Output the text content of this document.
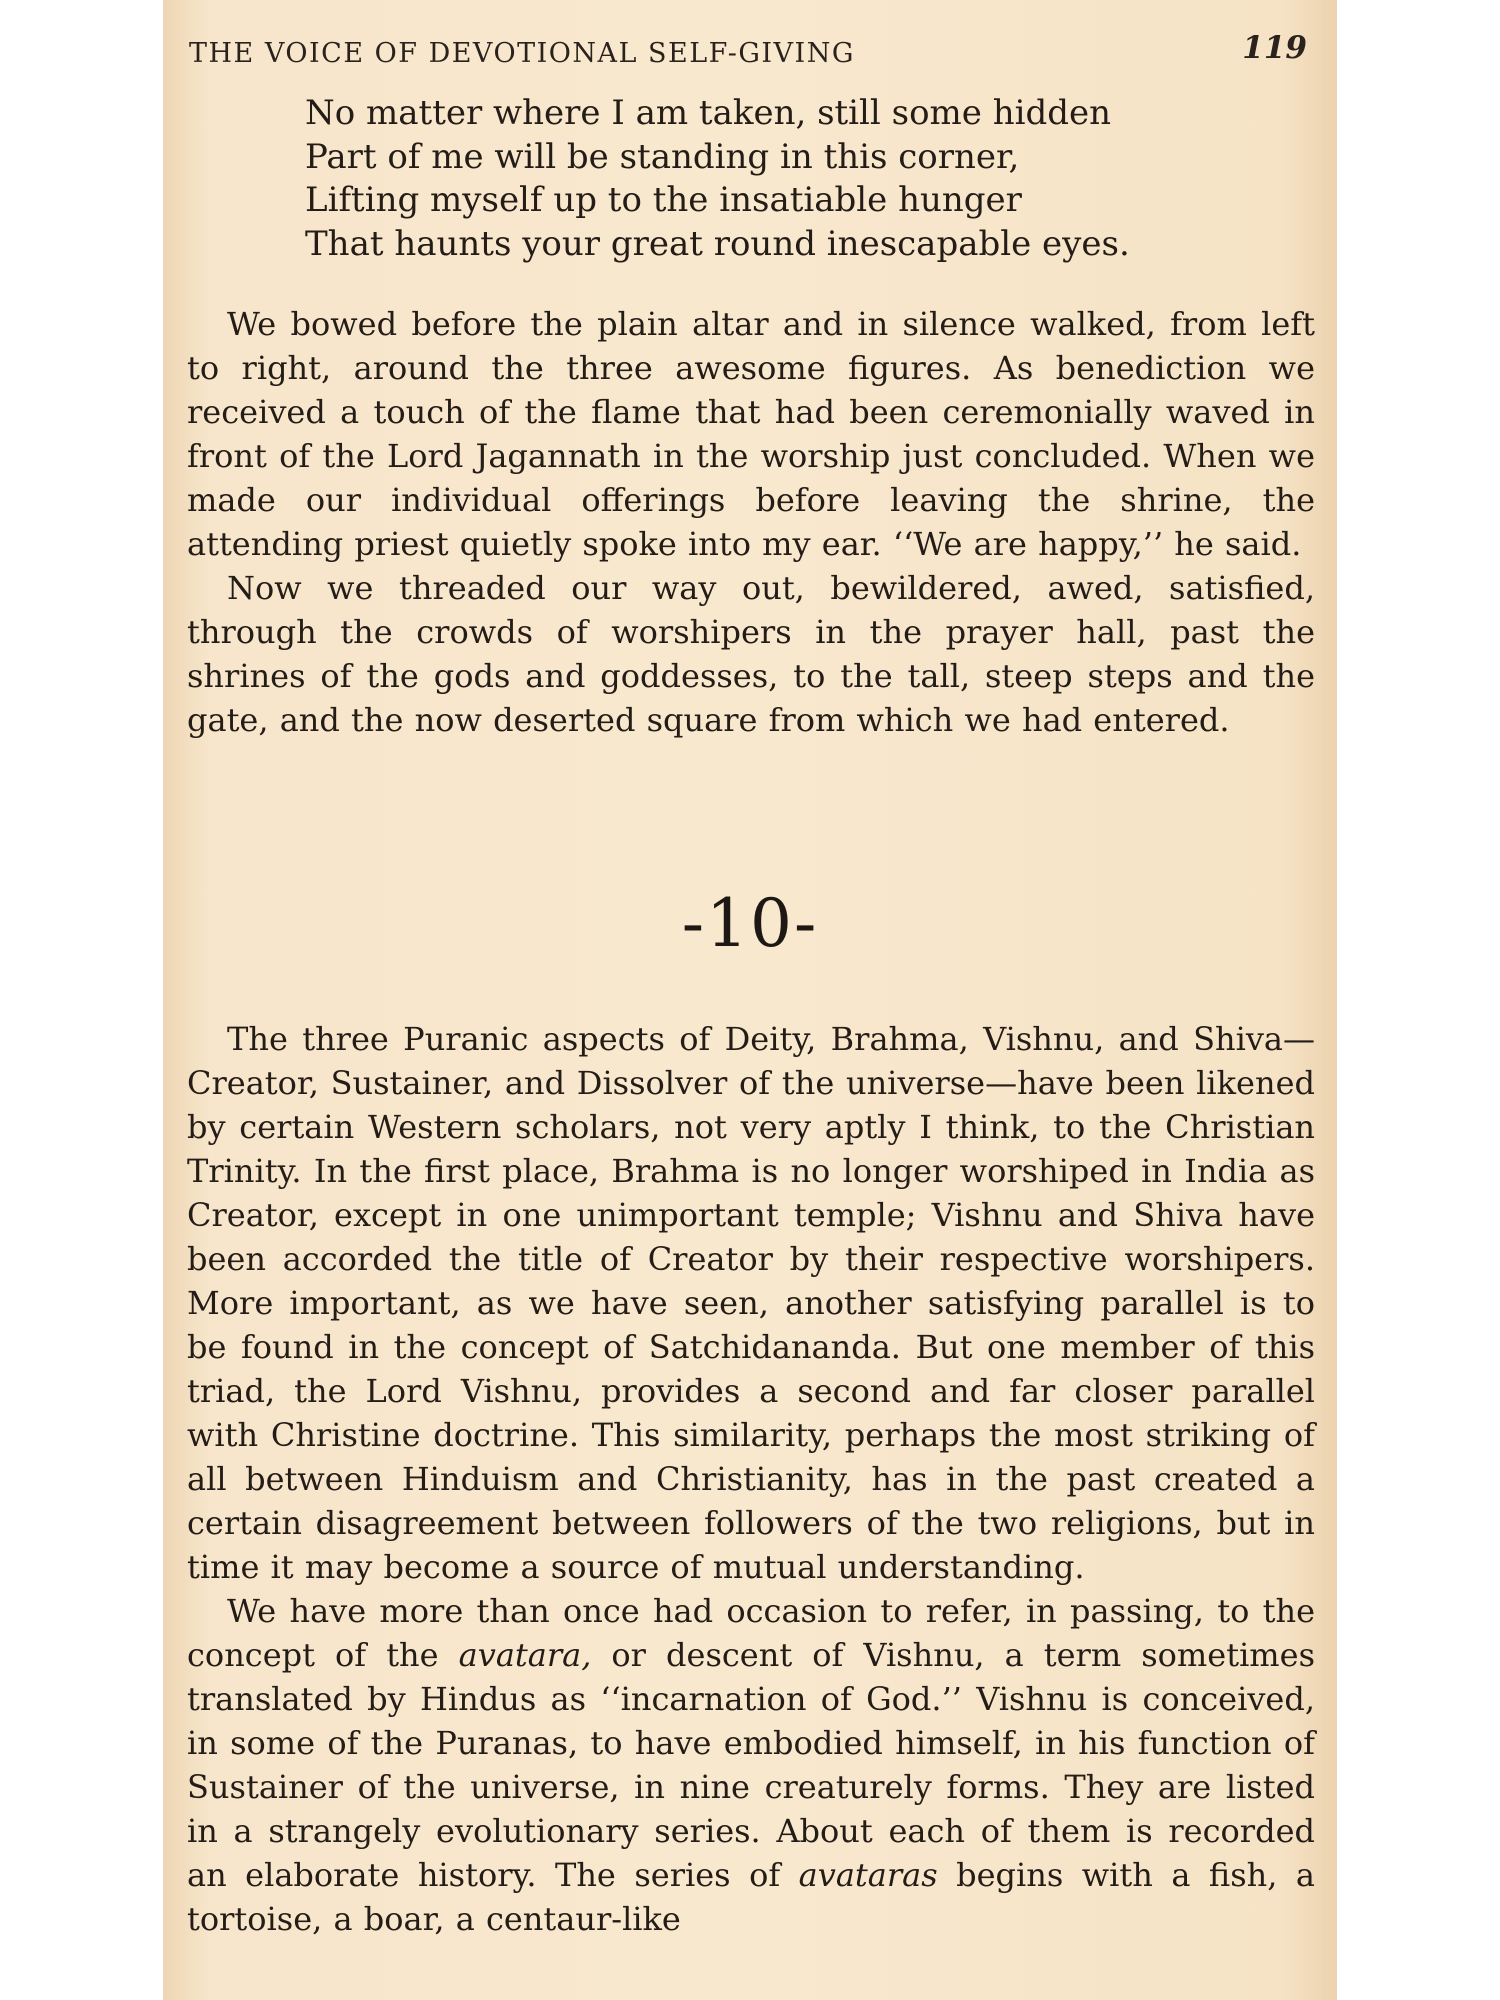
THE VOICE OF DEVOTIONAL SELF-GIVING	119
No matter where I am taken, still some hidden
Part of me will be standing in this corner,
Lifting myself up to the insatiable hunger
That haunts your great round inescapable eyes.

We bowed before the plain altar and in silence walked, from left to right, around the three awesome figures. As benediction we received a touch of the flame that had been ceremonially waved in front of the Lord Jagannath in the worship just concluded. When we made our individual offerings before leaving the shrine, the attending priest quietly spoke into my ear. ‘‘We are happy,’’ he said.

Now we threaded our way out, bewildered, awed, satisfied, through the crowds of worshipers in the prayer hall, past the shrines of the gods and goddesses, to the tall, steep steps and the gate, and the now deserted square from which we had entered.

-10-

The three Puranic aspects of Deity, Brahma, Vishnu, and Shiva—Creator, Sustainer, and Dissolver of the universe—have been likened by certain Western scholars, not very aptly I think, to the Christian Trinity. In the first place, Brahma is no longer worshiped in India as Creator, except in one unimportant temple; Vishnu and Shiva have been accorded the title of Creator by their respective worshipers. More important, as we have seen, another satisfying parallel is to be found in the concept of Satchidananda. But one member of this triad, the Lord Vishnu, provides a second and far closer parallel with Christine doctrine. This similarity, perhaps the most striking of all between Hinduism and Christianity, has in the past created a certain disagreement between followers of the two religions, but in time it may become a source of mutual understanding.

We have more than once had occasion to refer, in passing, to the concept of the avatara, or descent of Vishnu, a term sometimes translated by Hindus as ‘‘incarnation of God.’’ Vishnu is conceived, in some of the Puranas, to have embodied himself, in his function of Sustainer of the universe, in nine creaturely forms. They are listed in a strangely evolutionary series. About each of them is recorded an elaborate history. The series of avataras begins with a fish, a tortoise, a boar, a centaur-like
